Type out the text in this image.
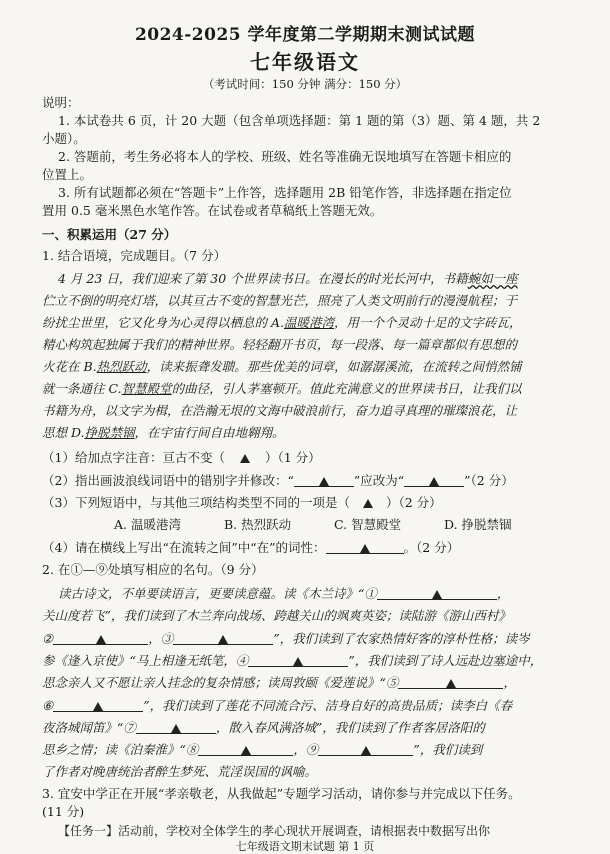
2024-2025 学年度第二学期期末测试试题
七年级语文
（考试时间：150 分钟 满分：150 分）
说明：
1. 本试卷共 6 页，计 20 大题（包含单项选择题：第 1 题的第（3）题、第 4 题，共 2
小题）。
2. 答题前，考生务必将本人的学校、班级、姓名等准确无误地填写在答题卡相应的
位置上。
3. 所有试题都必须在“答题卡”上作答，选择题用 2B 铅笔作答，非选择题在指定位
置用 0.5 毫米黑色水笔作答。在试卷或者草稿纸上答题无效。
一、积累运用（27 分）
1. 结合语境，完成题目。（7 分）
4 月 23 日，我们迎来了第 30 个世界读书日。在漫长的时光长河中，书籍蜿如一座
伫立不倒的明亮灯塔，以其亘古不变的智慧光芒，照亮了人类文明前行的漫漫航程；于
纷扰尘世里，它又化身为心灵得以栖息的 A.温暖港湾，用一个个灵动十足的文字砖瓦，
精心构筑起独属于我们的精神世界。轻轻翻开书页，每一段落、每一篇章都似有思想的
火花在 B.热烈跃动，读来振聋发聩。那些优美的词章，如潺潺溪流，在流转之间悄然铺
就一条通往 C.智慧殿堂的曲径，引人茅塞顿开。值此充满意义的世界读书日，让我们以
书籍为舟，以文字为楫，在浩瀚无垠的文海中破浪前行，奋力追寻真理的璀璨浪花，让
思想 D.挣脱禁锢，在宇宙行间自由地翱翔。
（1）给加点字注音：亘古不变（	）（1 分）
（2）指出画波浪线词语中的错别字并修改：“	”应改为“	”（2 分）
（3）下列短语中，与其他三项结构类型不同的一项是（	）（2 分）
A. 温暖港湾	B. 热烈跃动	C. 智慧殿堂	D. 挣脱禁锢
（4）请在横线上写出“在流转之间”中“在”的词性：	。（2 分）
2. 在①—⑨处填写相应的名句。（9 分）
读古诗文，不单要读语言，更要读意蕴。读《木兰诗》“①	，
关山度若飞”，我们读到了木兰奔向战场、跨越关山的飒爽英姿；读陆游《游山西村》
②	，③	”，我们读到了农家热情好客的淳朴性格；读岑
参《逢入京使》“马上相逢无纸笔，④	”，我们读到了诗人远赴边塞途中，
思念亲人又不愿让亲人挂念的复杂情感；读周敦颐《爱莲说》“⑤	，
⑥	”，我们读到了莲花不同流合污、洁身自好的高贵品质；读李白《春
夜洛城闻笛》“⑦	，散入春风满洛城”，我们读到了作者客居洛阳的
思乡之情；读《泊秦淮》“⑧	，⑨	”，我们读到
了作者对晚唐统治者醉生梦死、荒淫误国的讽喻。
3. 宜安中学正在开展“孝亲敬老，从我做起”专题学习活动，请你参与并完成以下任务。
(11 分)
【任务一】活动前，学校对全体学生的孝心现状开展调查，请根据表中数据写出你
七年级语文期末试题 第 1 页
